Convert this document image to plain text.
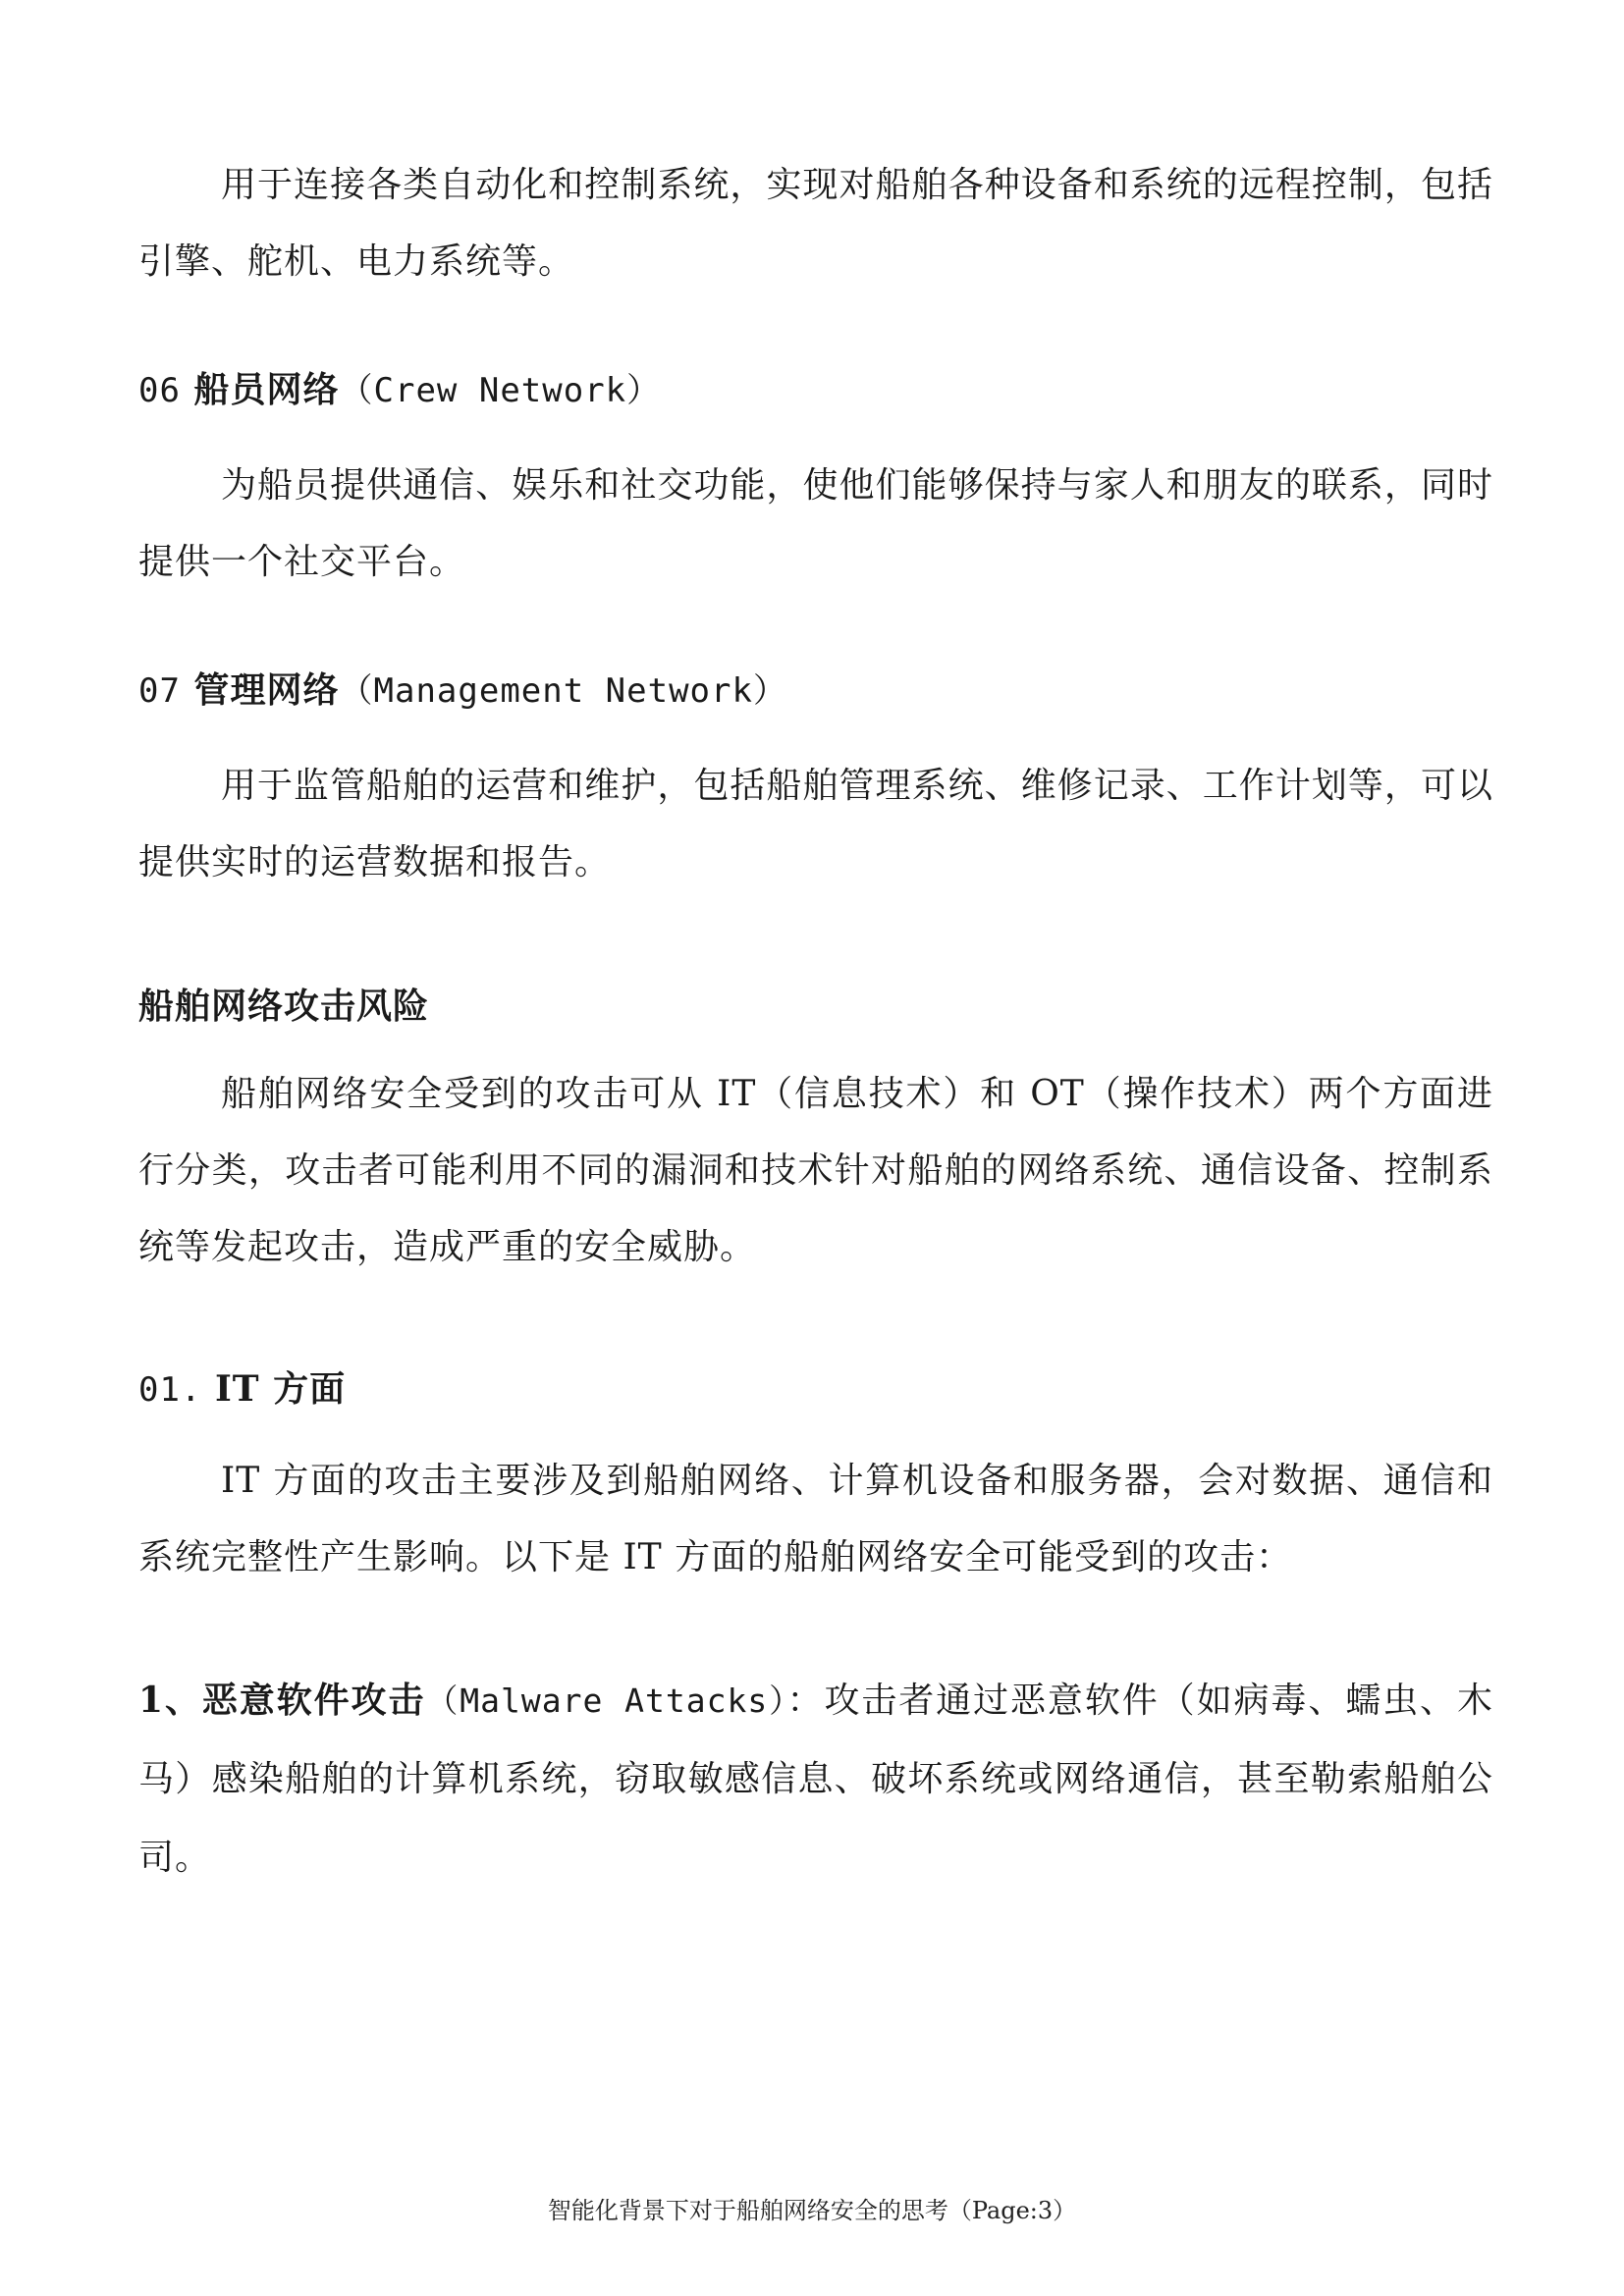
用于连接各类自动化和控制系统，实现对船舶各种设备和系统的远程控制，包括引擎、舵机、电力系统等。

06 船员网络（Crew Network）

为船员提供通信、娱乐和社交功能，使他们能够保持与家人和朋友的联系，同时提供一个社交平台。

07 管理网络（Management Network）

用于监管船舶的运营和维护，包括船舶管理系统、维修记录、工作计划等，可以提供实时的运营数据和报告。

船舶网络攻击风险

船舶网络安全受到的攻击可从 IT（信息技术）和 OT（操作技术）两个方面进行分类，攻击者可能利用不同的漏洞和技术针对船舶的网络系统、通信设备、控制系统等发起攻击，造成严重的安全威胁。

01. IT 方面

IT 方面的攻击主要涉及到船舶网络、计算机设备和服务器，会对数据、通信和系统完整性产生影响。以下是 IT 方面的船舶网络安全可能受到的攻击：

1、恶意软件攻击（Malware Attacks）：攻击者通过恶意软件（如病毒、蠕虫、木马）感染船舶的计算机系统，窃取敏感信息、破坏系统或网络通信，甚至勒索船舶公司。

智能化背景下对于船舶网络安全的思考（Page:3）
